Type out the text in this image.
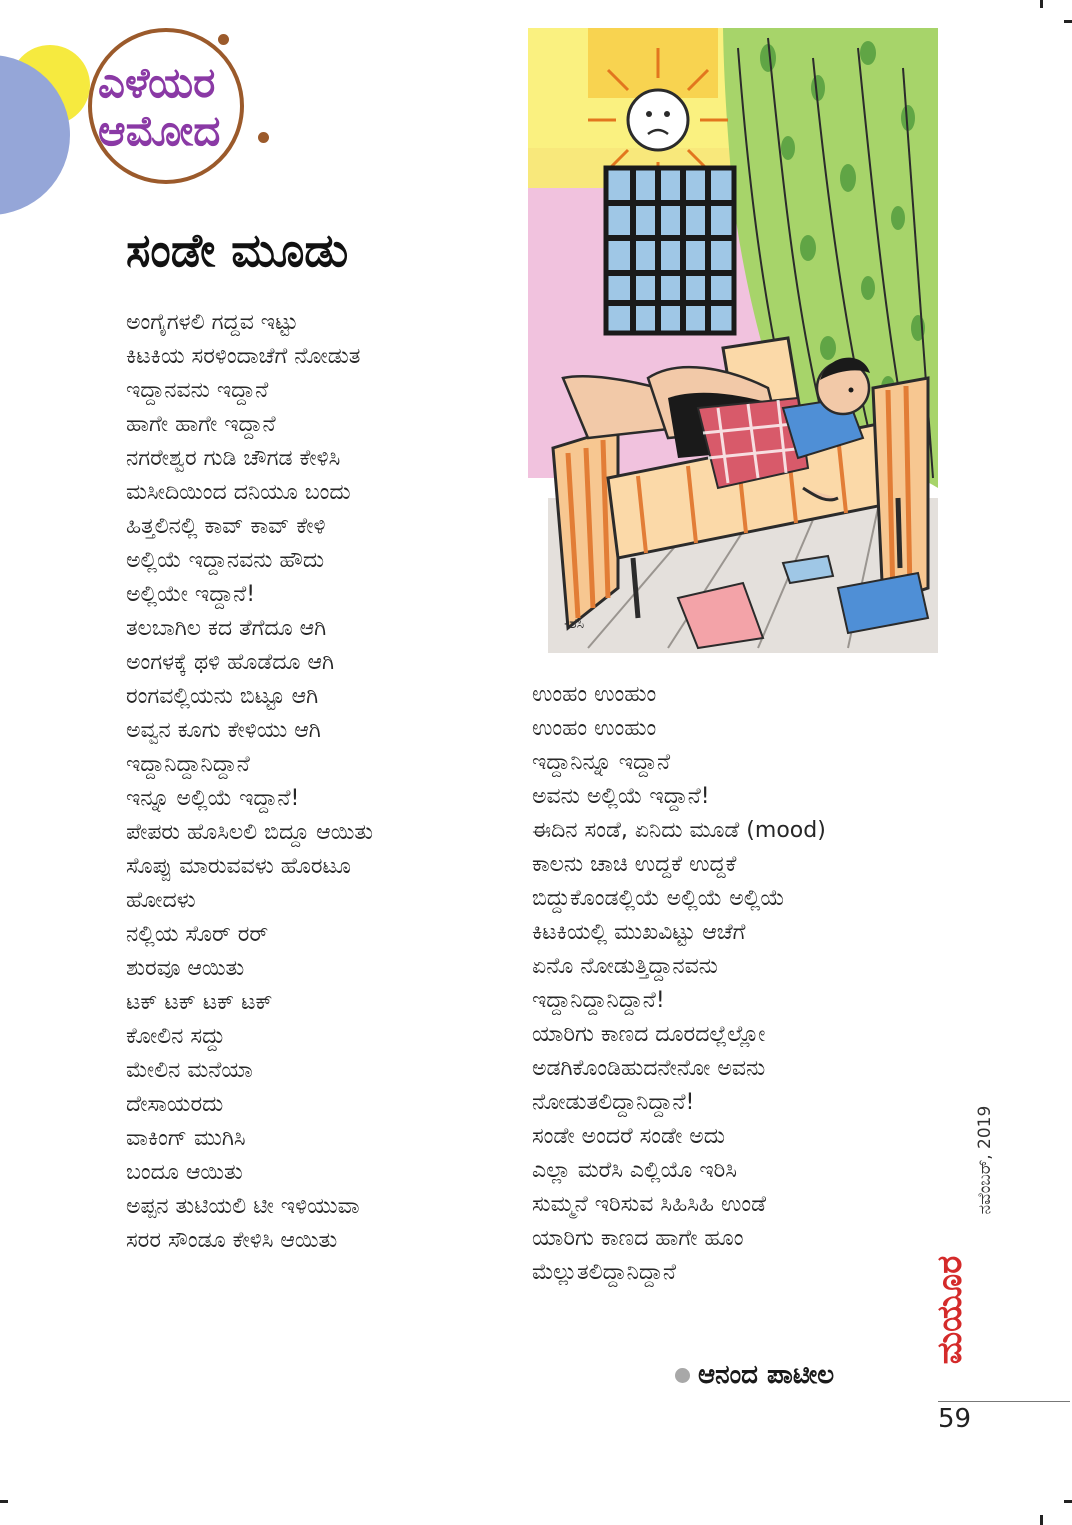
ಎಳೆಯರ
ಆಮೋದ
ಸಂಡೇ ಮೂಡು

ಅಂಗೈಗಳಲಿ ಗದ್ದವ ಇಟ್ಟು
ಕಿಟಕಿಯ ಸರಳಿಂದಾಚೆಗೆ ನೋಡುತ
ಇದ್ದಾನವನು ಇದ್ದಾನೆ
ಹಾಗೇ ಹಾಗೇ ಇದ್ದಾನೆ

ನಗರೇಶ್ವರ ಗುಡಿ ಚೌಗಡ ಕೇಳಿಸಿ
ಮಸೀದಿಯಿಂದ ದನಿಯೂ ಬಂದು
ಹಿತ್ತಲಿನಲ್ಲಿ ಕಾವ್ ಕಾವ್ ಕೇಳಿ
ಅಲ್ಲಿಯೆ ಇದ್ದಾನವನು ಹೌದು
ಅಲ್ಲಿಯೇ ಇದ್ದಾನೆ!

ತಲಬಾಗಿಲ ಕದ ತೆಗೆದೂ ಆಗಿ
ಅಂಗಳಕ್ಕೆ ಥಳಿ ಹೊಡೆದೂ ಆಗಿ
ರಂಗವಲ್ಲಿಯನು ಬಿಟ್ಟೂ ಆಗಿ
ಅವ್ವನ ಕೂಗು ಕೇಳಿಯು ಆಗಿ
ಇದ್ದಾನಿದ್ದಾನಿದ್ದಾನೆ
ಇನ್ನೂ ಅಲ್ಲಿಯೆ ಇದ್ದಾನೆ!

ಪೇಪರು ಹೊಸಿಲಲಿ ಬಿದ್ದೂ ಆಯಿತು
ಸೊಪ್ಪು ಮಾರುವವಳು ಹೊರಟೂ
ಹೋದಳು
ನಲ್ಲಿಯ ಸೊರ್ ರರ್
ಶುರವೂ ಆಯಿತು
ಟಕ್ ಟಕ್ ಟಕ್ ಟಕ್
ಕೋಲಿನ ಸದ್ದು
ಮೇಲಿನ ಮನೆಯಾ
ದೇಸಾಯರದು
ವಾಕಿಂಗ್ ಮುಗಿಸಿ
ಬಂದೂ ಆಯಿತು

ಅಪ್ಪನ ತುಟಿಯಲಿ ಟೀ ಇಳಿಯುವಾ
ಸರರ ಸೌಂಡೂ ಕೇಳಿಸಿ ಆಯಿತು

ಉಂಹಂ ಉಂಹುಂ
ಉಂಹಂ ಉಂಹುಂ
ಇದ್ದಾನಿನ್ನೂ ಇದ್ದಾನೆ
ಅವನು ಅಲ್ಲಿಯೆ ಇದ್ದಾನೆ!

ಈದಿನ ಸಂಡೆ, ಏನಿದು ಮೂಡೆ (mood)
ಕಾಲನು ಚಾಚಿ ಉದ್ದಕೆ ಉದ್ದಕೆ
ಬಿದ್ದುಕೊಂಡಲ್ಲಿಯೆ ಅಲ್ಲಿಯೆ ಅಲ್ಲಿಯೆ
ಕಿಟಕಿಯಲ್ಲಿ ಮುಖವಿಟ್ಟು ಆಚೆಗೆ
ಏನೊ ನೋಡುತ್ತಿದ್ದಾನವನು
ಇದ್ದಾನಿದ್ದಾನಿದ್ದಾನೆ!

ಯಾರಿಗು ಕಾಣದ ದೂರದಲ್ಲೆಲ್ಲೋ
ಅಡಗಿಕೊಂಡಿಹುದನೇನೋ ಅವನು
ನೋಡುತಲಿದ್ದಾನಿದ್ದಾನೆ!
ಸಂಡೇ ಅಂದರೆ ಸಂಡೇ ಅದು
ಎಲ್ಲಾ ಮರೆಸಿ ಎಲ್ಲಿಯೊ ಇರಿಸಿ
ಸುಮ್ಮನೆ ಇರಿಸುವ ಸಿಹಿಸಿಹಿ ಉಂಡೆ
ಯಾರಿಗು ಕಾಣದ ಹಾಗೇ ಹೂಂ
ಮೆಲ್ಲುತಲಿದ್ದಾನಿದ್ದಾನೆ

-ಶಸಿ
ಆನಂದ ಪಾಟೀಲ
ನವೆಂಬರ್, 2019
ಮಯೂರ
59
